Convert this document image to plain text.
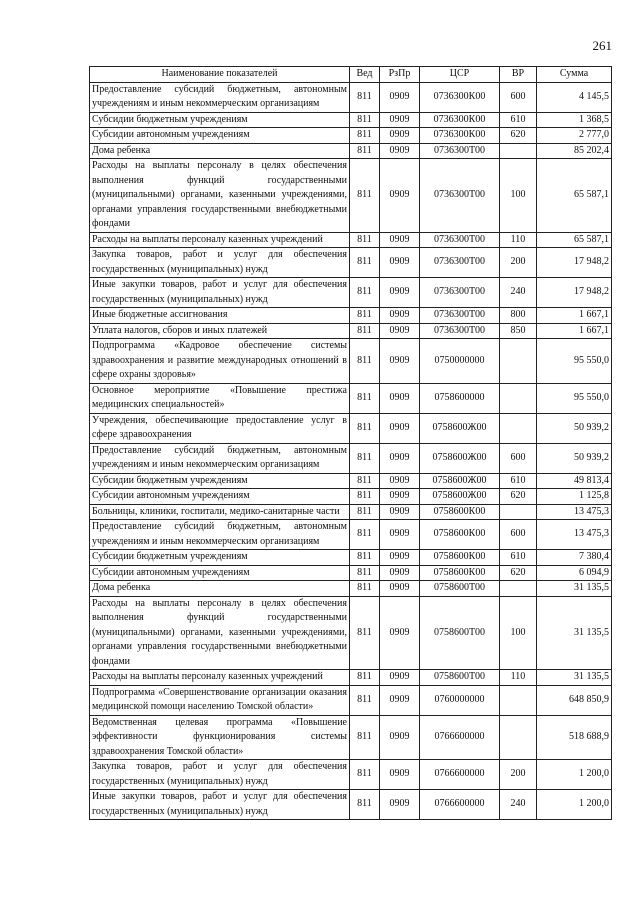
261
Наименование показателей	Вед	РзПр	ЦСР	ВР	Сумма
Предоставление субсидий бюджетным, автономным учреждениям и иным некоммерческим организациям	811	0909	0736300К00	600	4 145,5
Субсидии бюджетным учреждениям	811	0909	0736300К00	610	1 368,5
Субсидии автономным учреждениям	811	0909	0736300К00	620	2 777,0
Дома ребенка	811	0909	0736300Т00		85 202,4
Расходы на выплаты персоналу в целях обеспечения выполнения функций государственными (муниципальными) органами, казенными учреждениями, органами управления государственными внебюджетными фондами	811	0909	0736300Т00	100	65 587,1
Расходы на выплаты персоналу казенных учреждений	811	0909	0736300Т00	110	65 587,1
Закупка товаров, работ и услуг для обеспечения государственных (муниципальных) нужд	811	0909	0736300Т00	200	17 948,2
Иные закупки товаров, работ и услуг для обеспечения государственных (муниципальных) нужд	811	0909	0736300Т00	240	17 948,2
Иные бюджетные ассигнования	811	0909	0736300Т00	800	1 667,1
Уплата налогов, сборов и иных платежей	811	0909	0736300Т00	850	1 667,1
Подпрограмма «Кадровое обеспечение системы здравоохранения и развитие международных отношений в сфере охраны здоровья»	811	0909	0750000000		95 550,0
Основное мероприятие «Повышение престижа медицинских специальностей»	811	0909	0758600000		95 550,0
Учреждения, обеспечивающие предоставление услуг в сфере здравоохранения	811	0909	0758600Ж00		50 939,2
Предоставление субсидий бюджетным, автономным учреждениям и иным некоммерческим организациям	811	0909	0758600Ж00	600	50 939,2
Субсидии бюджетным учреждениям	811	0909	0758600Ж00	610	49 813,4
Субсидии автономным учреждениям	811	0909	0758600Ж00	620	1 125,8
Больницы, клиники, госпитали, медико-санитарные части	811	0909	0758600К00		13 475,3
Предоставление субсидий бюджетным, автономным учреждениям и иным некоммерческим организациям	811	0909	0758600К00	600	13 475,3
Субсидии бюджетным учреждениям	811	0909	0758600К00	610	7 380,4
Субсидии автономным учреждениям	811	0909	0758600К00	620	6 094,9
Дома ребенка	811	0909	0758600Т00		31 135,5
Расходы на выплаты персоналу в целях обеспечения выполнения функций государственными (муниципальными) органами, казенными учреждениями, органами управления государственными внебюджетными фондами	811	0909	0758600Т00	100	31 135,5
Расходы на выплаты персоналу казенных учреждений	811	0909	0758600Т00	110	31 135,5
Подпрограмма «Совершенствование организации оказания медицинской помощи населению Томской области»	811	0909	0760000000		648 850,9
Ведомственная целевая программа «Повышение эффективности функционирования системы здравоохранения Томской области»	811	0909	0766600000		518 688,9
Закупка товаров, работ и услуг для обеспечения государственных (муниципальных) нужд	811	0909	0766600000	200	1 200,0
Иные закупки товаров, работ и услуг для обеспечения государственных (муниципальных) нужд	811	0909	0766600000	240	1 200,0
